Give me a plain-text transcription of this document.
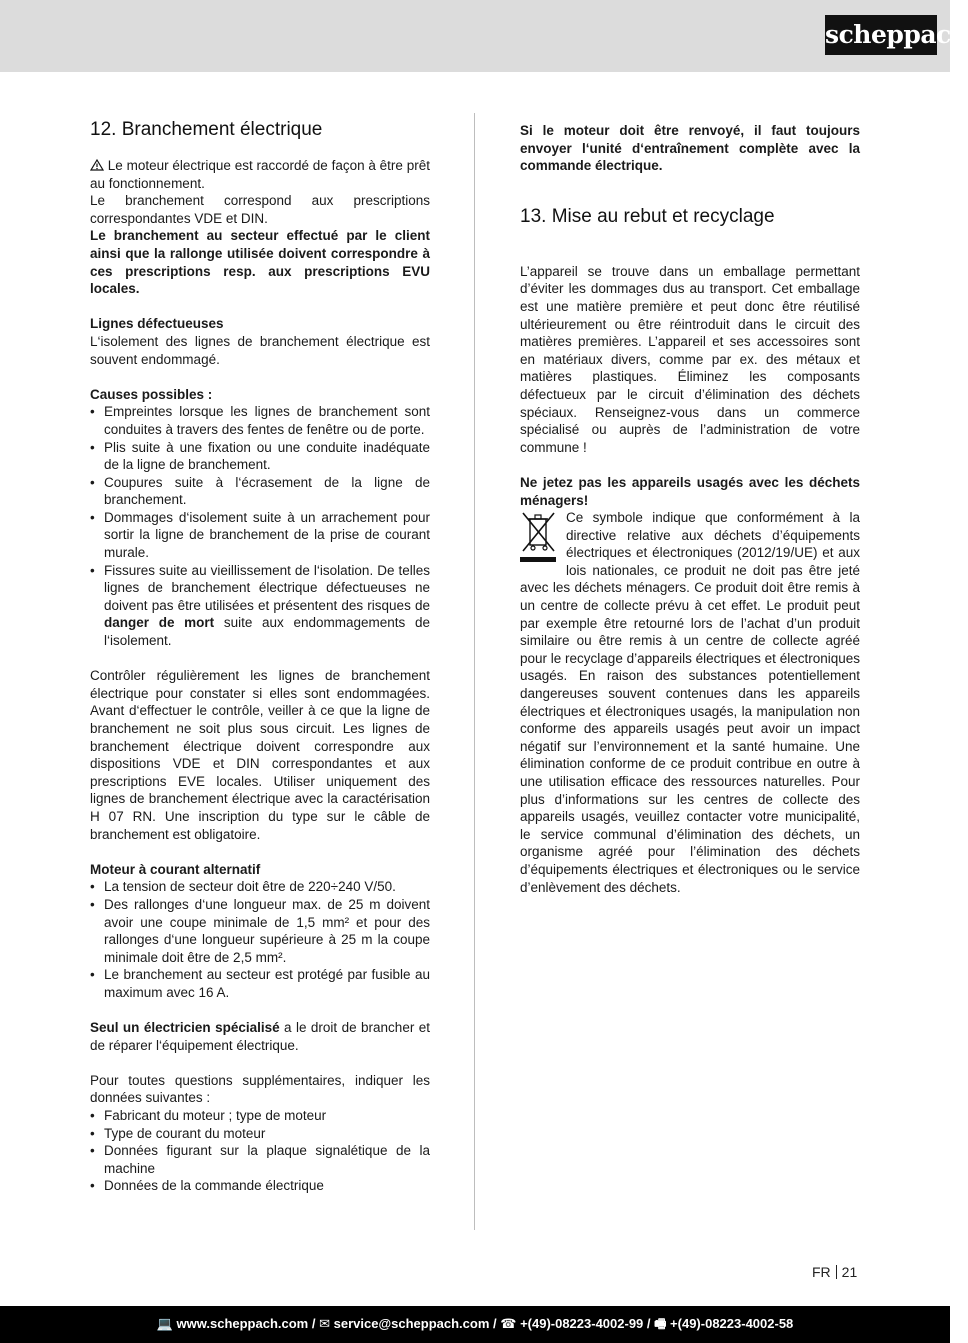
scheppach
12. Branchement électrique

Le moteur électrique est raccordé de façon à être prêt au fonctionnement.

Le branchement correspond aux prescriptions correspondantes VDE et DIN.

Le branchement au secteur effectué par le client ainsi que la rallonge utilisée doivent correspondre à ces prescriptions resp. aux prescriptions EVU locales.

Lignes défectueuses

L‘isolement des lignes de branchement électrique est souvent endommagé.

Causes possibles :

• Empreintes lorsque les lignes de branchement sont conduites à travers des fentes de fenêtre ou de porte.
• Plis suite à une fixation ou une conduite inadéquate de la ligne de branchement.
• Coupures suite à l‘écrasement de la ligne de branchement.
• Dommages d‘isolement suite à un arrachement pour sortir la ligne de branchement de la prise de courant murale.
• Fissures suite au vieillissement de l‘isolation. De telles lignes de branchement électrique défectueuses ne doivent pas être utilisées et présentent des risques de danger de mort suite aux endommagements de l‘isolement.

Contrôler régulièrement les lignes de branchement électrique pour constater si elles sont endommagées. Avant d‘effectuer le contrôle, veiller à ce que la ligne de branchement ne soit plus sous circuit. Les lignes de branchement électrique doivent correspondre aux dispositions VDE et DIN correspondantes et aux prescriptions EVE locales. Utiliser uniquement des lignes de branchement électrique avec la caractérisation H 07 RN. Une inscription du type sur le câble de branchement est obligatoire.

Moteur à courant alternatif

• La tension de secteur doit être de 220÷240 V/50.
• Des rallonges d‘une longueur max. de 25 m doivent avoir une coupe minimale de 1,5 mm² et pour des rallonges d‘une longueur supérieure à 25 m la coupe minimale doit être de 2,5 mm².
• Le branchement au secteur est protégé par fusible au maximum avec 16 A.

Seul un électricien spécialisé a le droit de brancher et de réparer l‘équipement électrique.

Pour toutes questions supplémentaires, indiquer les données suivantes :

• Fabricant du moteur ; type de moteur
• Type de courant du moteur
• Données figurant sur la plaque signalétique de la machine
• Données de la commande électrique

Si le moteur doit être renvoyé, il faut toujours envoyer l‘unité d‘entraînement complète avec la commande électrique.

13. Mise au rebut et recyclage

L’appareil se trouve dans un emballage permettant d’éviter les dommages dus au transport. Cet emballage est une matière première et peut donc être réutilisé ultérieurement ou être réintroduit dans le circuit des matières premières. L’appareil et ses accessoires sont en matériaux divers, comme par ex. des métaux et matières plastiques. Éliminez les composants défectueux par le circuit d’élimination des déchets spéciaux. Renseignez-vous dans un commerce spécialisé ou auprès de l’administration de votre commune !

Ne jetez pas les appareils usagés avec les déchets ménagers!

Ce symbole indique que conformément à la directive relative aux déchets d’équipements électriques et électroniques (2012/19/UE) et aux lois nationales, ce produit ne doit pas être jeté avec les déchets ménagers. Ce produit doit être remis à un centre de collecte prévu à cet effet. Le produit peut par exemple être retourné lors de l’achat d’un produit similaire ou être remis à un centre de collecte agréé pour le recyclage d’appareils électriques et électroniques usagés. En raison des substances potentiellement dangereuses souvent contenues dans les appareils électriques et électroniques usagés, la manipulation non conforme des appareils usagés peut avoir un impact négatif sur l’environnement et la santé humaine. Une élimination conforme de ce produit contribue en outre à une utilisation efficace des ressources naturelles. Pour plus d’informations sur les centres de collecte des appareils usagés, veuillez contacter votre municipalité, le service communal d’élimination des déchets, un organisme agréé pour l’élimination des déchets d’équipements électriques et électroniques ou le service d’enlèvement des déchets.

FR 21
💻 www.scheppach.com / ✉ service@scheppach.com / ☎ +(49)-08223-4002-99 / 🖷 +(49)-08223-4002-58
